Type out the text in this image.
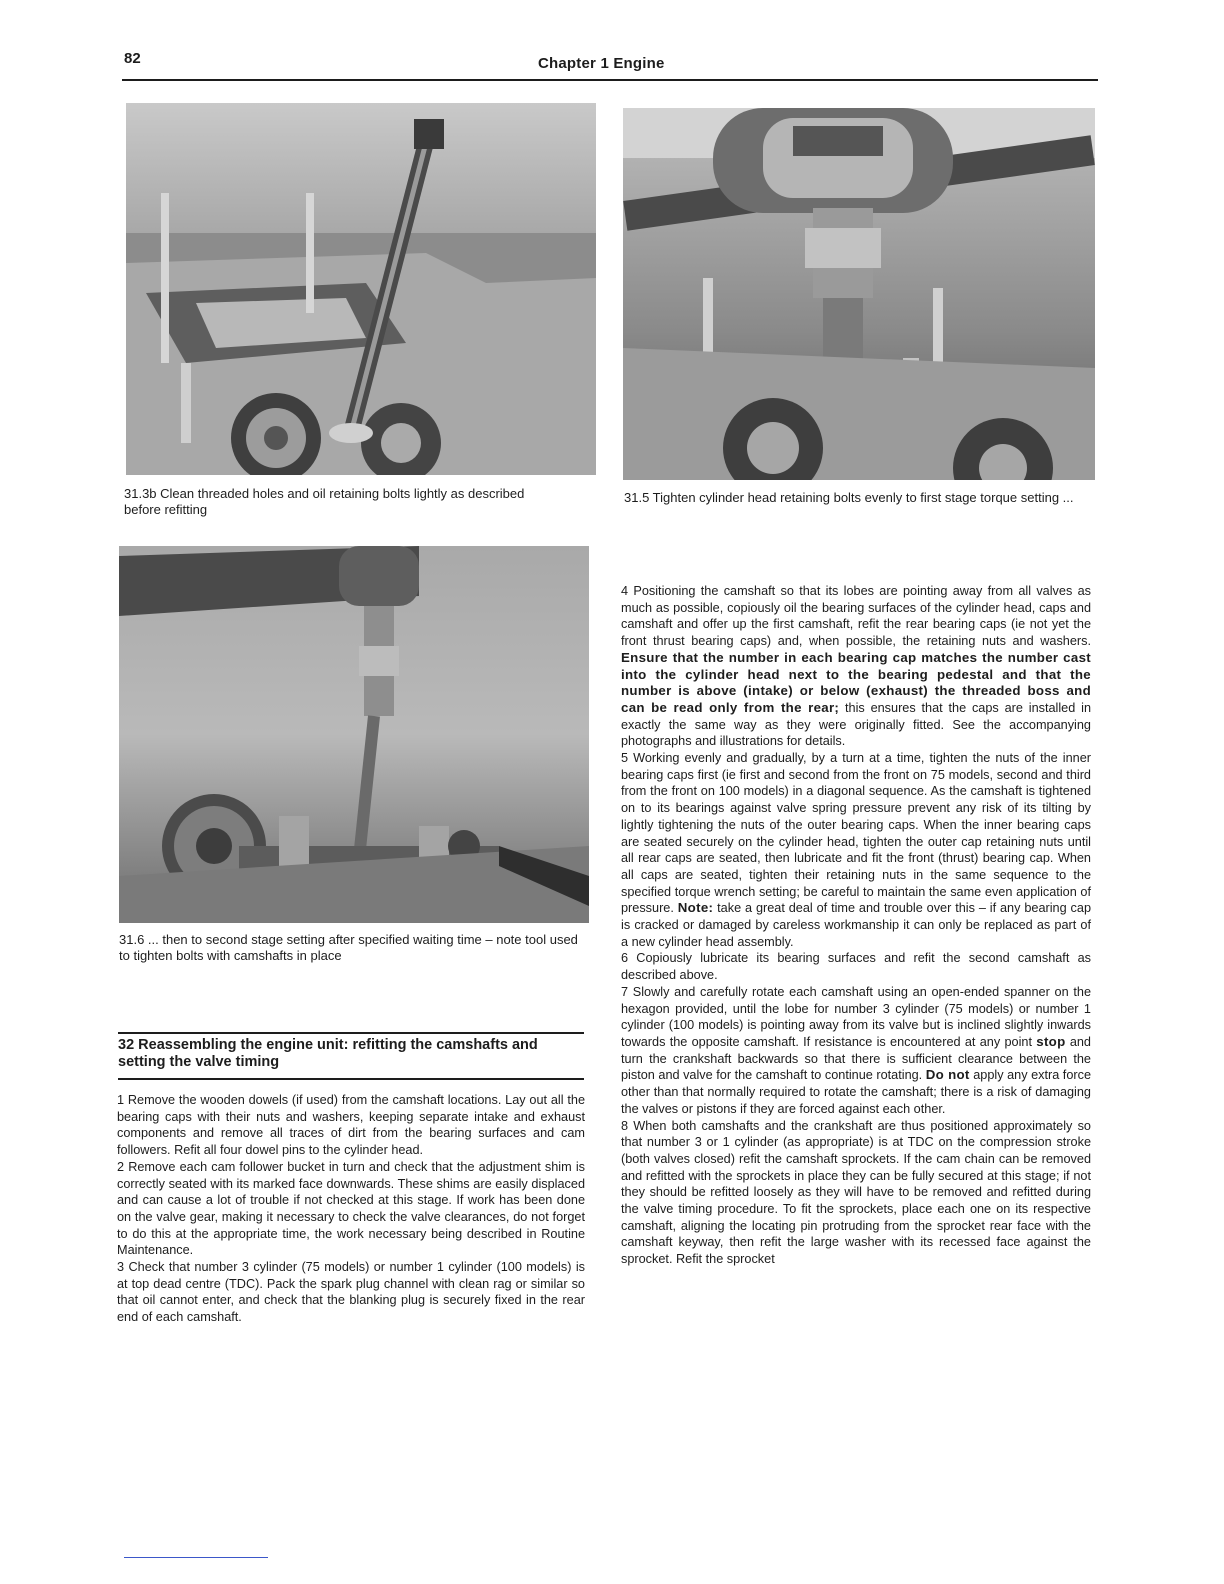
82	Chapter 1 Engine
31.3b Clean threaded holes and oil retaining bolts lightly as described before refitting
31.5 Tighten cylinder head retaining bolts evenly to first stage torque setting ...
31.6 ... then to second stage setting after specified waiting time – note tool used to tighten bolts with camshafts in place
32 Reassembling the engine unit: refitting the camshafts and setting the valve timing

1 Remove the wooden dowels (if used) from the camshaft locations. Lay out all the bearing caps with their nuts and washers, keeping separate intake and exhaust components and remove all traces of dirt from the bearing surfaces and cam followers. Refit all four dowel pins to the cylinder head.

2 Remove each cam follower bucket in turn and check that the adjustment shim is correctly seated with its marked face downwards. These shims are easily displaced and can cause a lot of trouble if not checked at this stage. If work has been done on the valve gear, making it necessary to check the valve clearances, do not forget to do this at the appropriate time, the work necessary being described in Routine Maintenance.

3 Check that number 3 cylinder (75 models) or number 1 cylinder (100 models) is at top dead centre (TDC). Pack the spark plug channel with clean rag or similar so that oil cannot enter, and check that the blanking plug is securely fixed in the rear end of each camshaft.

4 Positioning the camshaft so that its lobes are pointing away from all valves as much as possible, copiously oil the bearing surfaces of the cylinder head, caps and camshaft and offer up the first camshaft, refit the rear bearing caps (ie not yet the front thrust bearing caps) and, when possible, the retaining nuts and washers. Ensure that the number in each bearing cap matches the number cast into the cylinder head next to the bearing pedestal and that the number is above (intake) or below (exhaust) the threaded boss and can be read only from the rear; this ensures that the caps are installed in exactly the same way as they were originally fitted. See the accompanying photographs and illustrations for details.

5 Working evenly and gradually, by a turn at a time, tighten the nuts of the inner bearing caps first (ie first and second from the front on 75 models, second and third from the front on 100 models) in a diagonal sequence. As the camshaft is tightened on to its bearings against valve spring pressure prevent any risk of its tilting by lightly tightening the nuts of the outer bearing caps. When the inner bearing caps are seated securely on the cylinder head, tighten the outer cap retaining nuts until all rear caps are seated, then lubricate and fit the front (thrust) bearing cap. When all caps are seated, tighten their retaining nuts in the same sequence to the specified torque wrench setting; be careful to maintain the same even application of pressure. Note: take a great deal of time and trouble over this – if any bearing cap is cracked or damaged by careless workmanship it can only be replaced as part of a new cylinder head assembly.

6 Copiously lubricate its bearing surfaces and refit the second camshaft as described above.

7 Slowly and carefully rotate each camshaft using an open-ended spanner on the hexagon provided, until the lobe for number 3 cylinder (75 models) or number 1 cylinder (100 models) is pointing away from its valve but is inclined slightly inwards towards the opposite camshaft. If resistance is encountered at any point stop and turn the crankshaft backwards so that there is sufficient clearance between the piston and valve for the camshaft to continue rotating. Do not apply any extra force other than that normally required to rotate the camshaft; there is a risk of damaging the valves or pistons if they are forced against each other.

8 When both camshafts and the crankshaft are thus positioned approximately so that number 3 or 1 cylinder (as appropriate) is at TDC on the compression stroke (both valves closed) refit the camshaft sprockets. If the cam chain can be removed and refitted with the sprockets in place they can be fully secured at this stage; if not they should be refitted loosely as they will have to be removed and refitted during the valve timing procedure. To fit the sprockets, place each one on its respective camshaft, aligning the locating pin protruding from the sprocket rear face with the camshaft keyway, then refit the large washer with its recessed face against the sprocket. Refit the sprocket
